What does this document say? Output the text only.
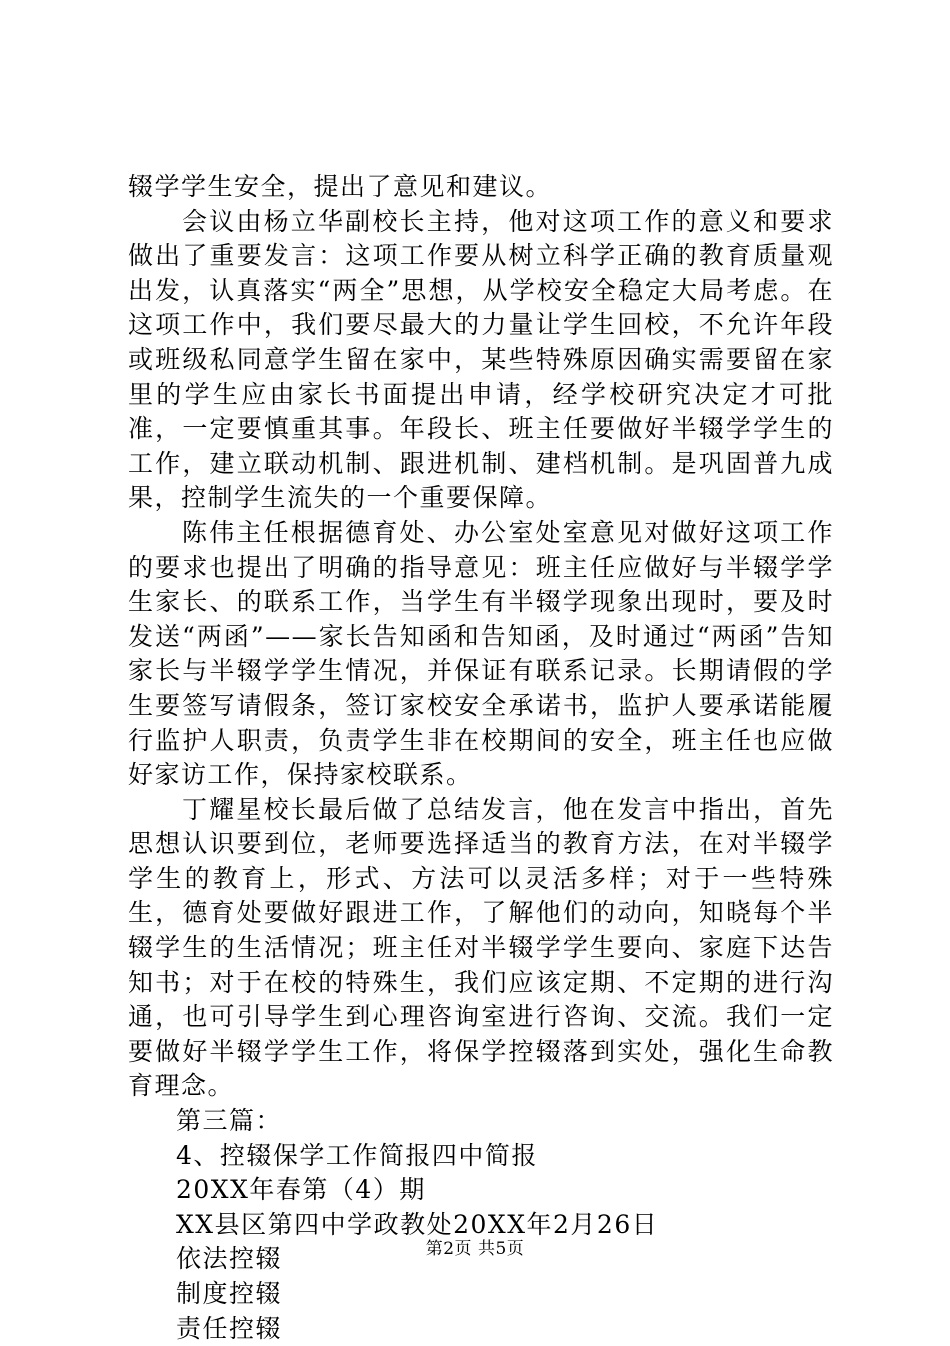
辍学学生安全，提出了意见和建议。

会议由杨立华副校长主持，他对这项工作的意义和要求做出了重要发言：这项工作要从树立科学正确的教育质量观出发，认真落实“两全”思想，从学校安全稳定大局考虑。在这项工作中，我们要尽最大的力量让学生回校，不允许年段或班级私同意学生留在家中，某些特殊原因确实需要留在家里的学生应由家长书面提出申请，经学校研究决定才可批准，一定要慎重其事。年段长、班主任要做好半辍学学生的工作，建立联动机制、跟进机制、建档机制。是巩固普九成果，控制学生流失的一个重要保障。

陈伟主任根据德育处、办公室处室意见对做好这项工作的要求也提出了明确的指导意见：班主任应做好与半辍学学生家长、的联系工作，当学生有半辍学现象出现时，要及时发送“两函”——家长告知函和告知函，及时通过“两函”告知家长与半辍学学生情况，并保证有联系记录。长期请假的学生要签写请假条，签订家校安全承诺书，监护人要承诺能履行监护人职责，负责学生非在校期间的安全，班主任也应做好家访工作，保持家校联系。

丁耀星校长最后做了总结发言，他在发言中指出，首先思想认识要到位，老师要选择适当的教育方法，在对半辍学学生的教育上，形式、方法可以灵活多样；对于一些特殊生，德育处要做好跟进工作，了解他们的动向，知晓每个半辍学生的生活情况；班主任对半辍学学生要向、家庭下达告知书；对于在校的特殊生，我们应该定期、不定期的进行沟通，也可引导学生到心理咨询室进行咨询、交流。我们一定要做好半辍学学生工作，将保学控辍落到实处，强化生命教育理念。

第三篇：

4、控辍保学工作简报四中简报

20XX年春第（4）期

XX县区第四中学政教处20XX年2月26日

依法控辍

制度控辍

责任控辍

第2页 共5页
